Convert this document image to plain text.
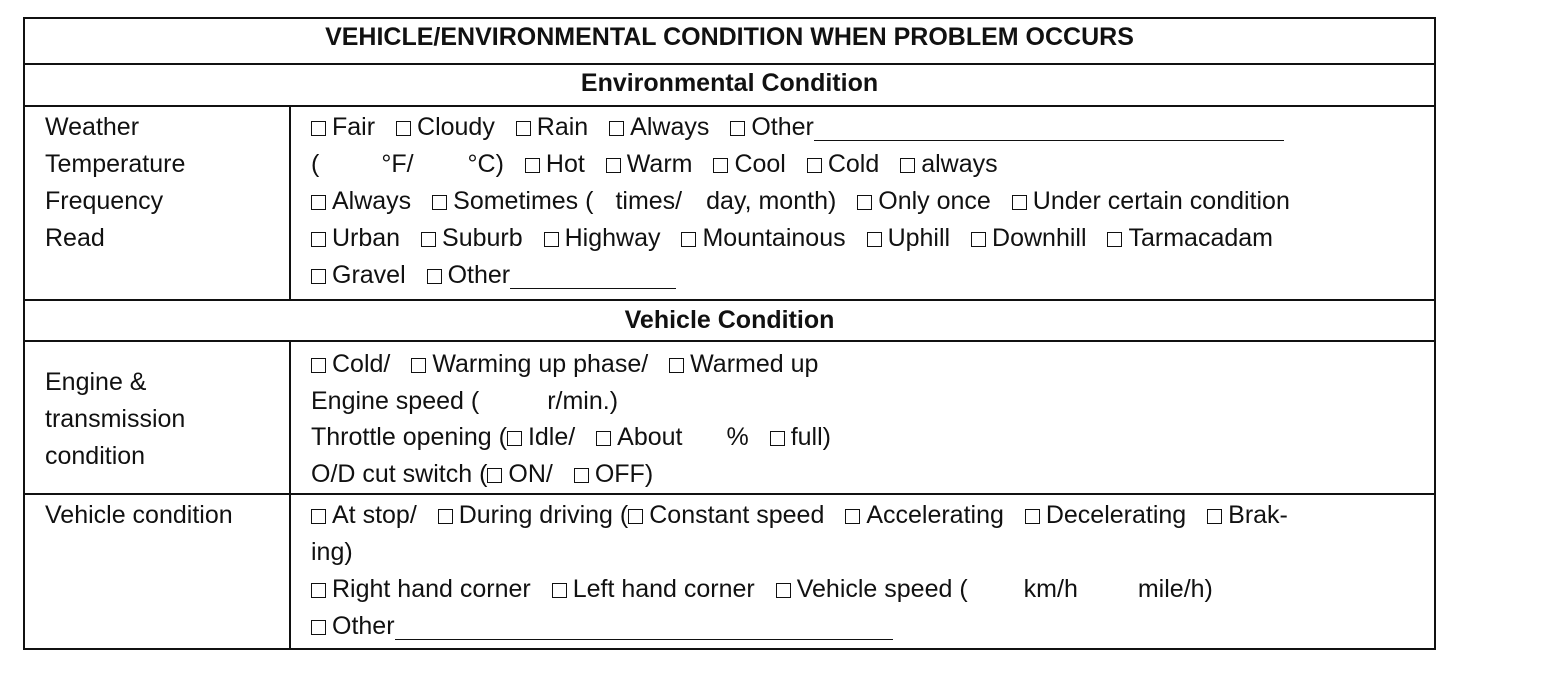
VEHICLE/ENVIRONMENTAL CONDITION WHEN PROBLEM OCCURS
Environmental Condition
Weather
Temperature
Frequency
Read
Fair Cloudy Rain Always Other
( °F/ °C) Hot Warm Cool Cold always
Always Sometimes ( times/ day, month) Only once Under certain condition
Urban Suburb Highway Mountainous Uphill Downhill Tarmacadam
Gravel Other
Vehicle Condition
Engine &
transmission
condition
Cold/ Warming up phase/ Warmed up
Engine speed (	r/min.)
Throttle opening ( Idle/ About % full)
O/D cut switch ( ON/ OFF)
Vehicle condition	At stop/ During driving ( Constant speed Accelerating Decelerating Brak-
ing)
Right hand corner Left hand corner Vehicle speed ( km/h mile/h)
Other
